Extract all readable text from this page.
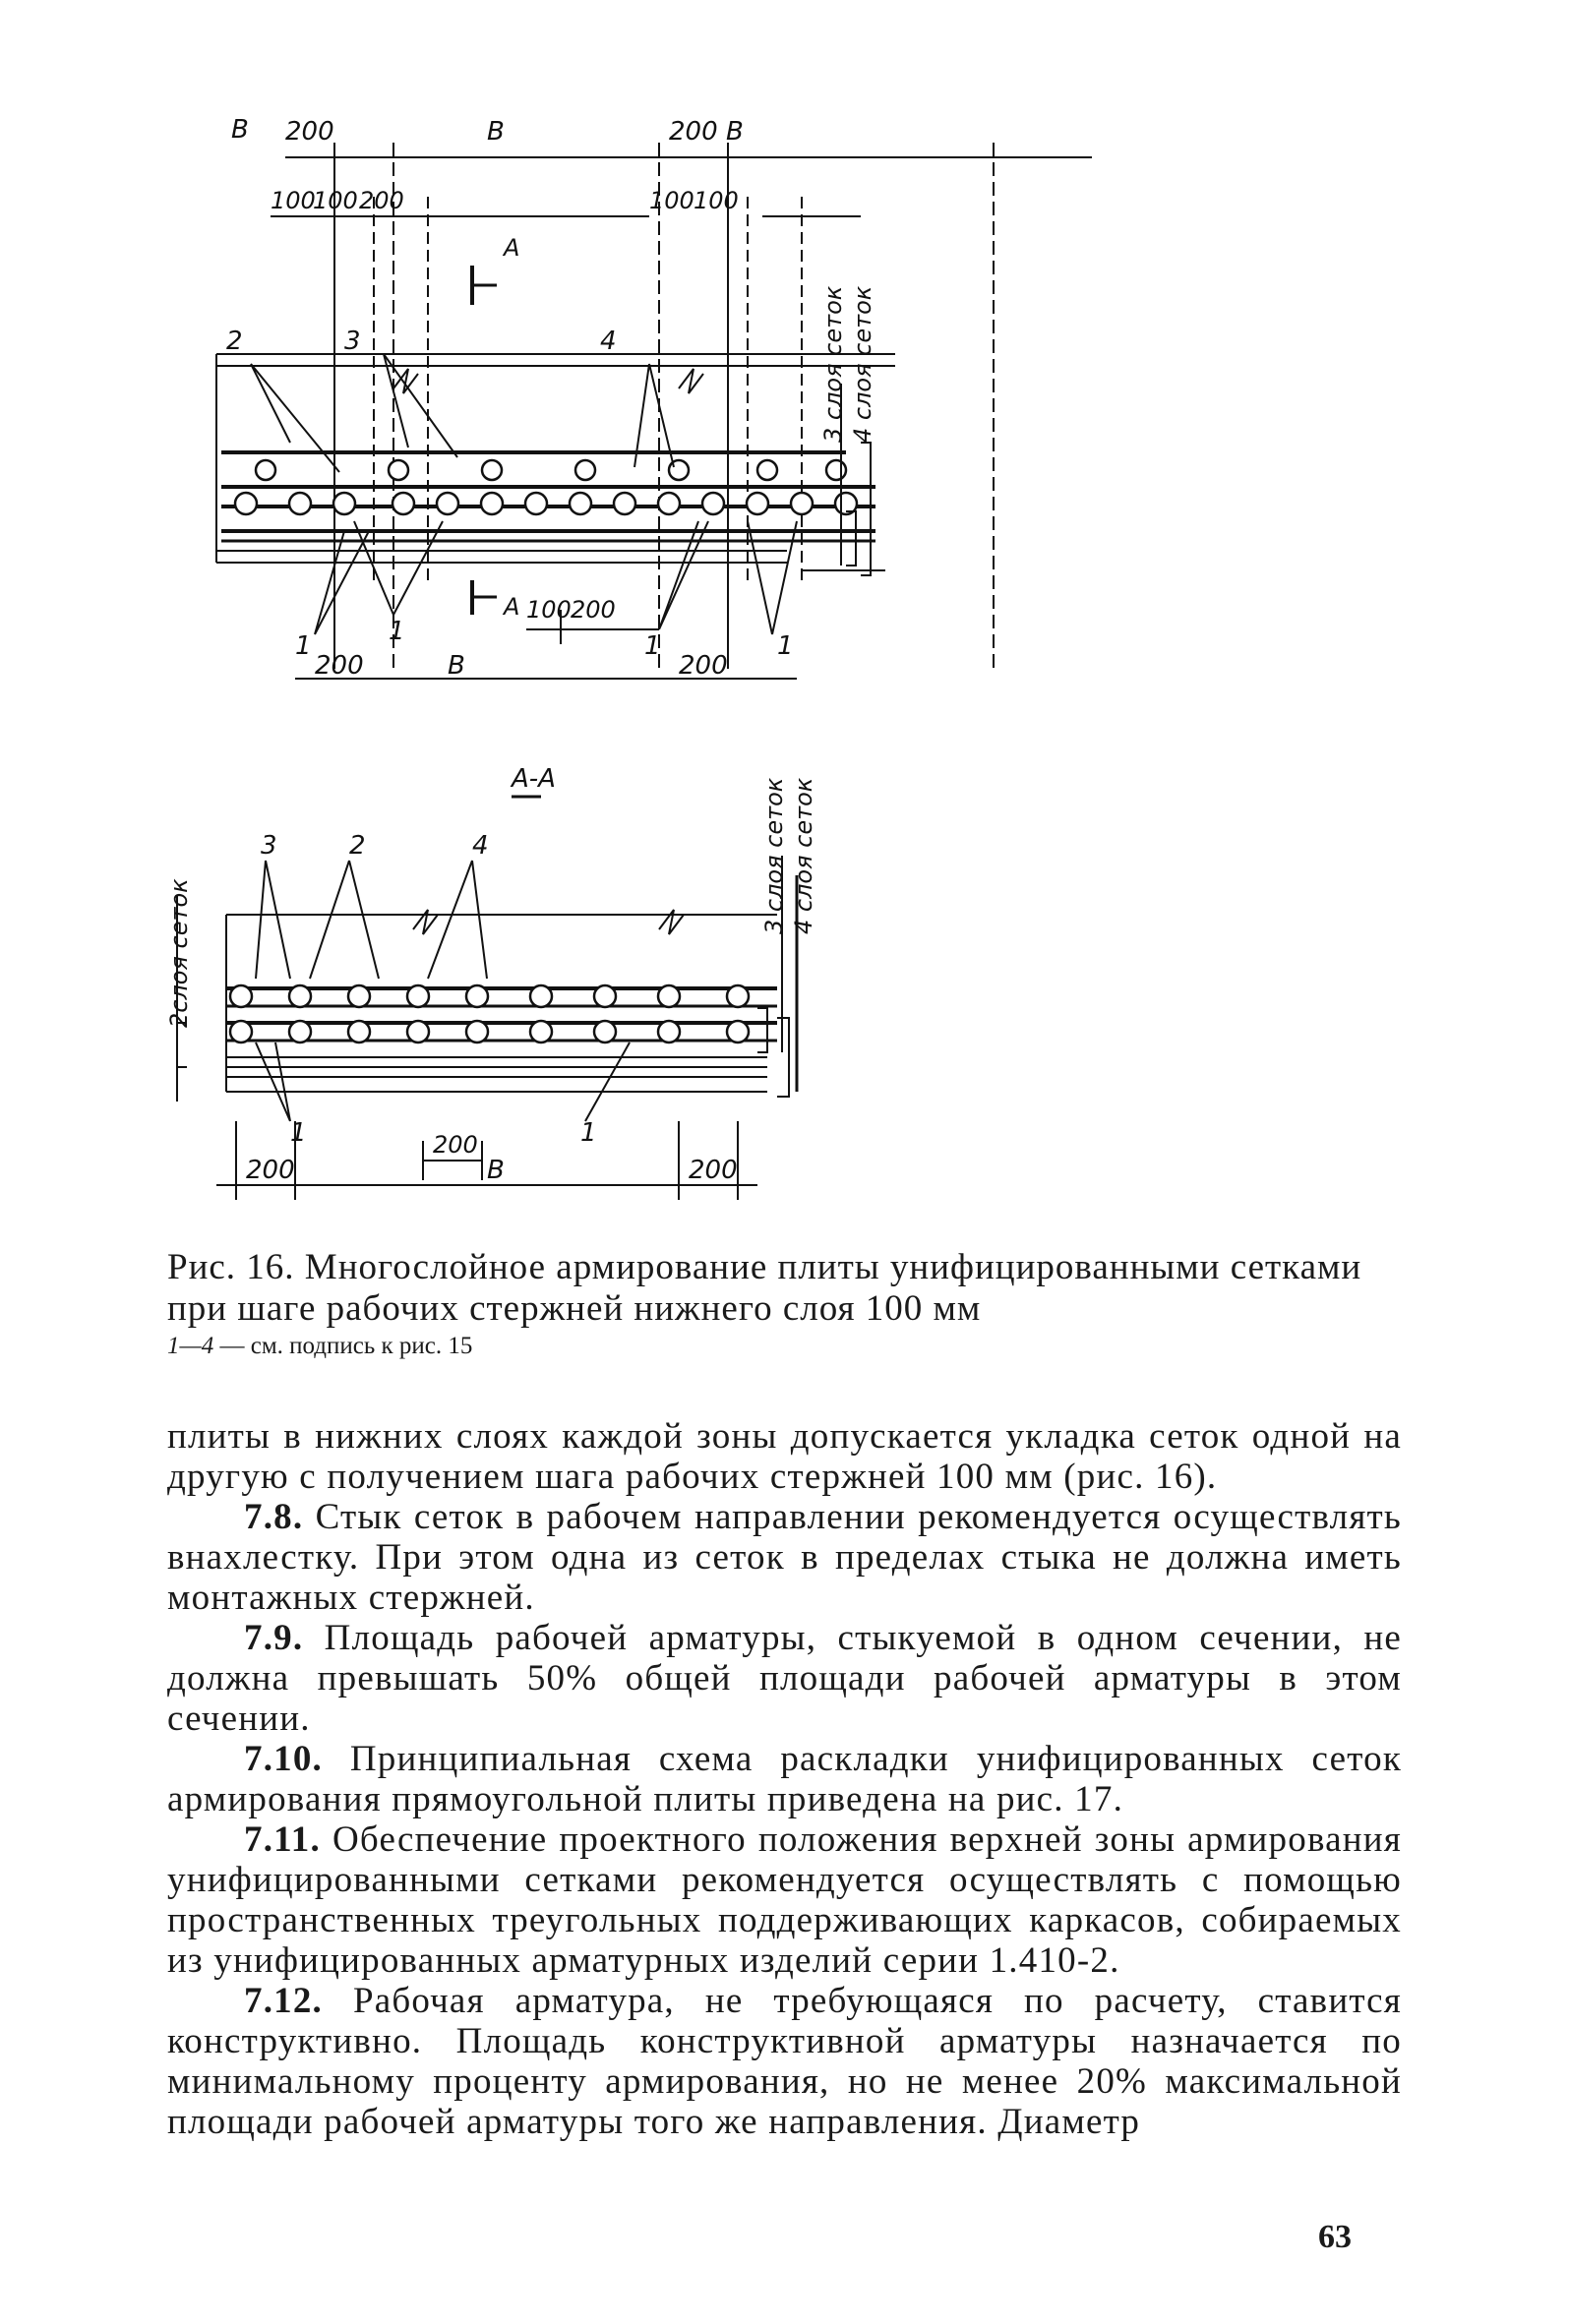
В 200	В	200 В
100
100 200	100 100
А
А
2	3	4
1	1	1	1
200	В	200
100 200
3 слоя сеток 4 слоя сеток
А-А	3 слоя сеток 4 слоя сеток
2слоя сеток
3	2	4
1	1
200
200	В	200
Рис. 16. Многослойное армирование плиты унифицированными сетками при шаге рабочих стержней нижнего слоя 100 мм
1—4 — см. подпись к рис. 15

плиты в нижних слоях каждой зоны допускается укладка сеток одной на другую с получением шага рабочих стержней 100 мм (рис. 16).

7.8. Стык сеток в рабочем направлении рекомендуется осуществлять внахлестку. При этом одна из сеток в пределах стыка не должна иметь монтажных стержней.

7.9. Площадь рабочей арматуры, стыкуемой в одном сечении, не должна превышать 50% общей площади рабочей арматуры в этом сечении.

7.10. Принципиальная схема раскладки унифицированных сеток армирования прямоугольной плиты приведена на рис. 17.

7.11. Обеспечение проектного положения верхней зоны армирования унифицированными сетками рекомендуется осуществлять с помощью пространственных треугольных поддерживающих каркасов, собираемых из унифицированных арматурных изделий серии 1.410-2.

7.12. Рабочая арматура, не требующаяся по расчету, ставится конструктивно. Площадь конструктивной арматуры назначается по минимальному проценту армирования, но не менее 20% максимальной площади рабочей арматуры того же направления. Диаметр

63
